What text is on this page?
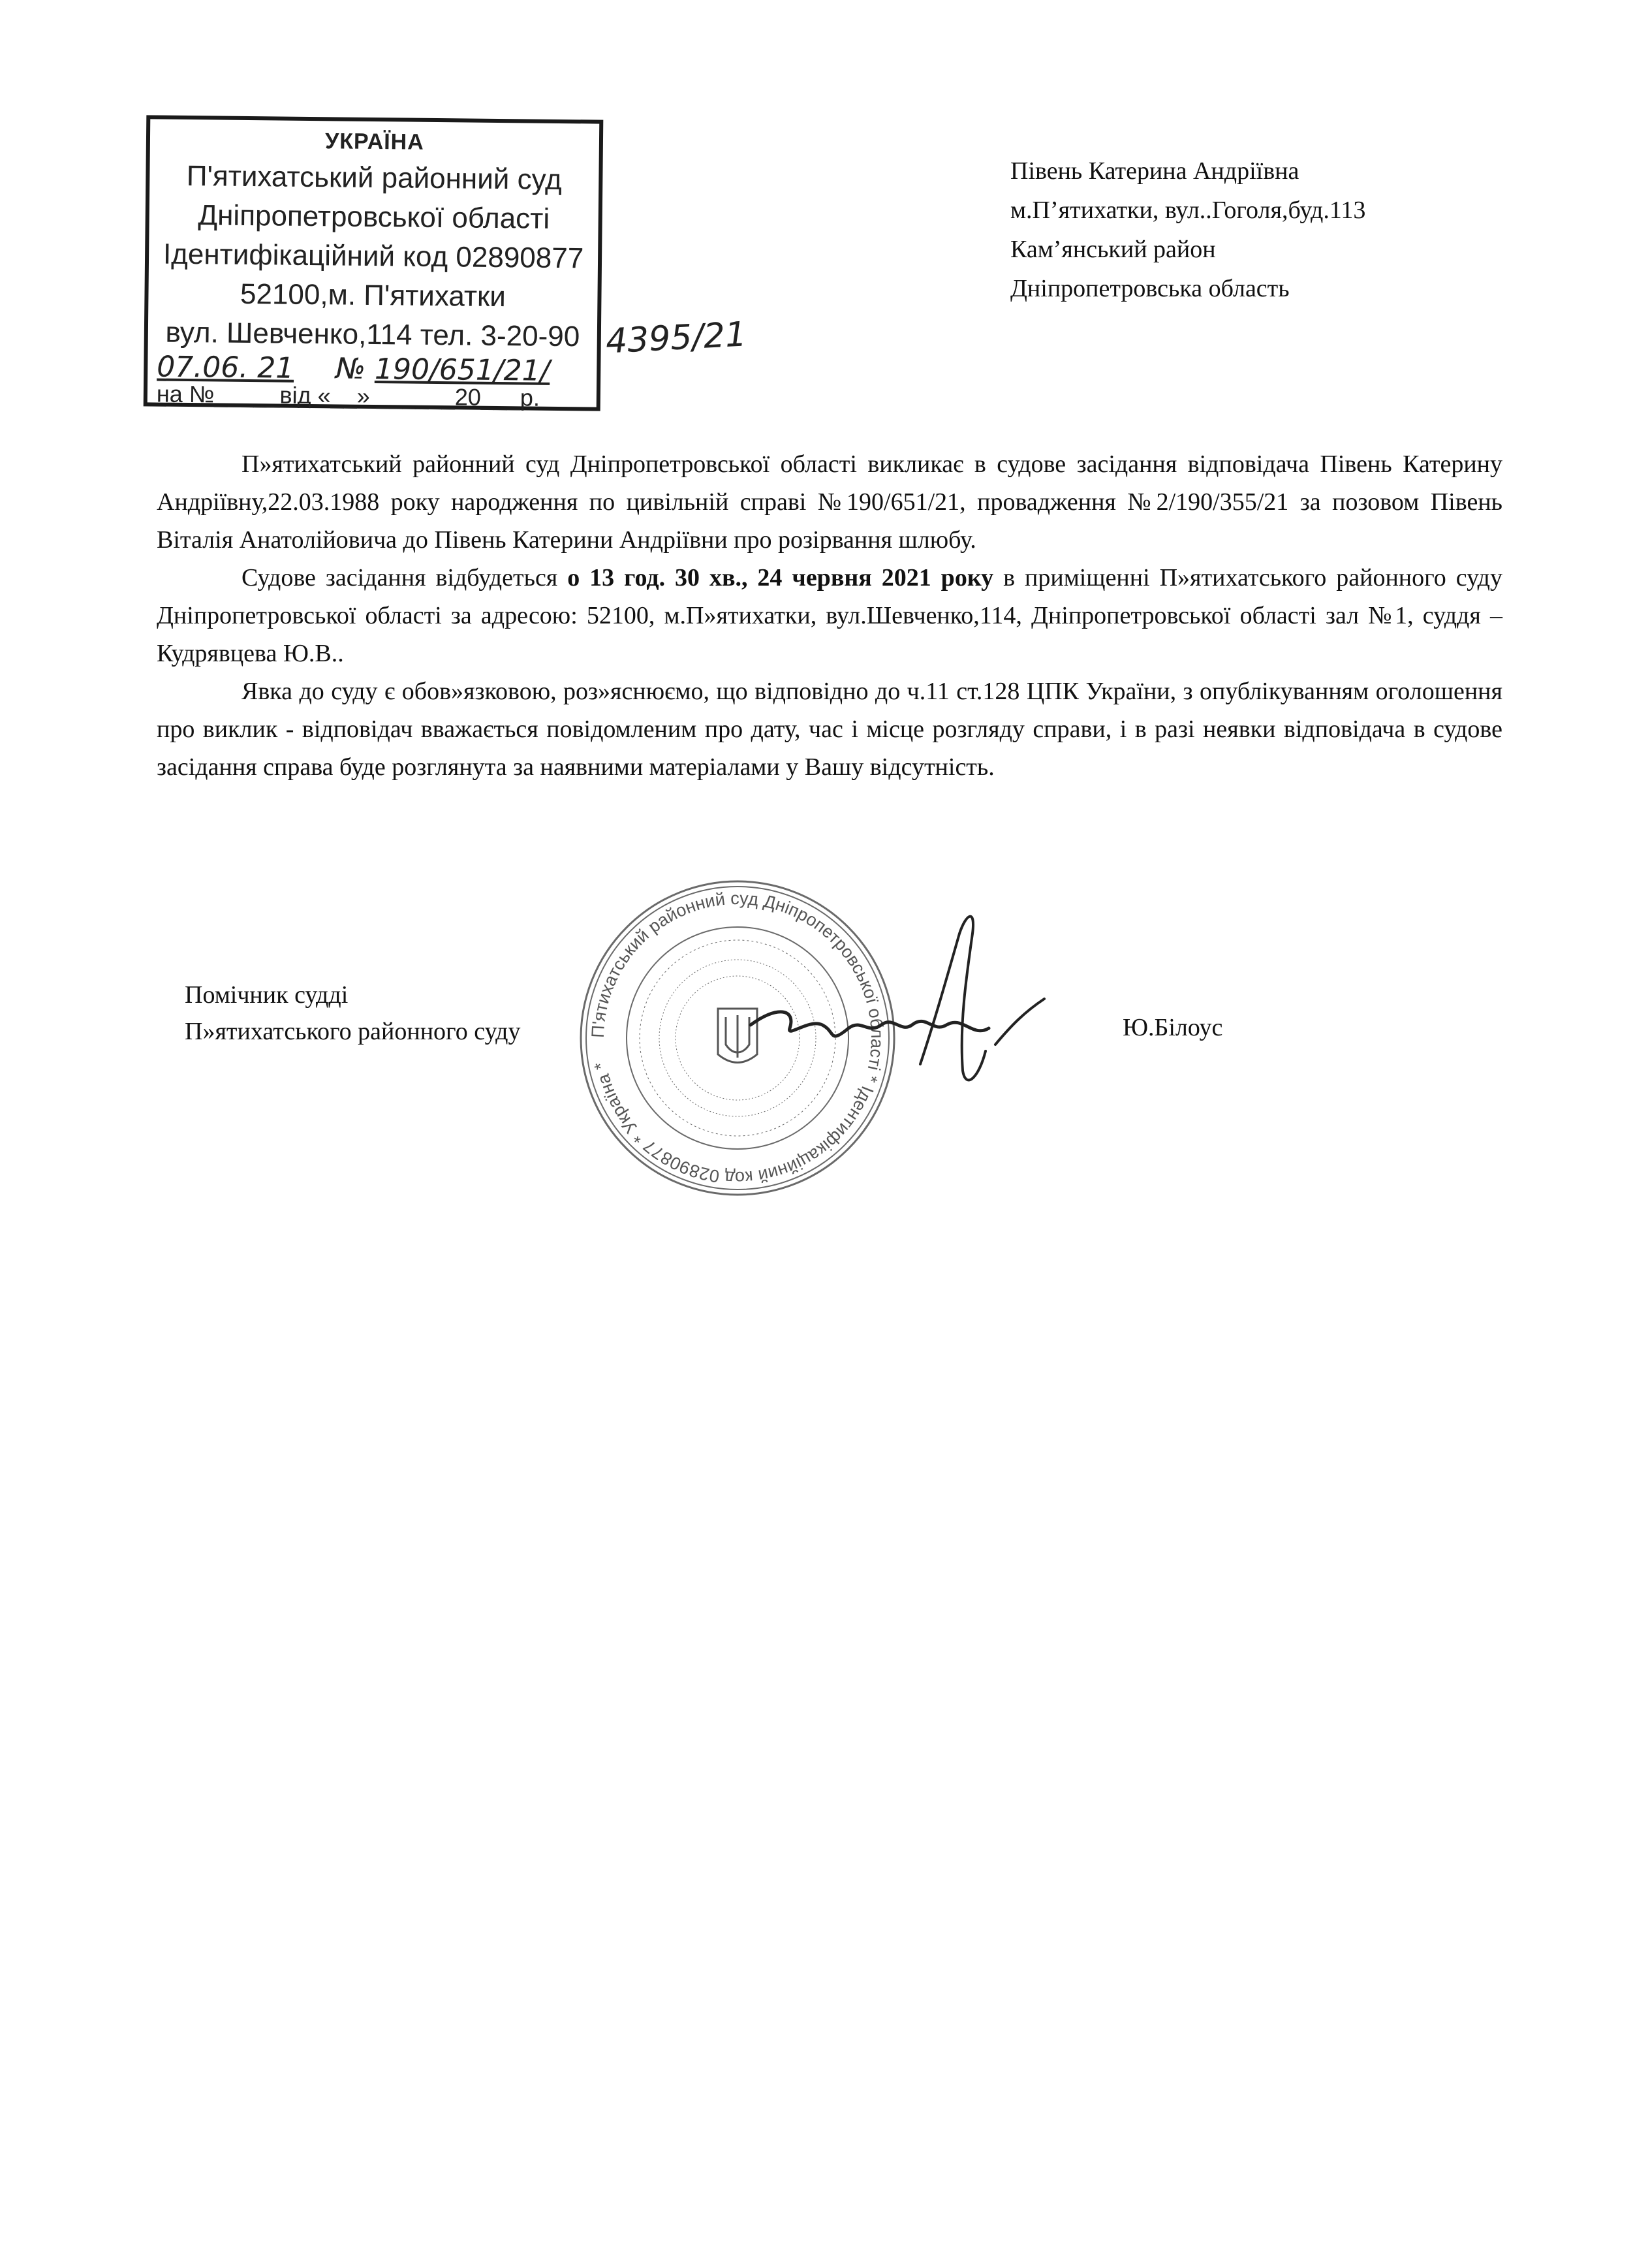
УКРАЇНА
П'ятихатський районний суд
Дніпропетровської області
Ідентифікаційний код 02890877
52100,м. П'ятихатки
вул. Шевченко,114 тел. 3-20-90
07.06. 21 № 190/651/21/
на №_____від «__» ______20___р.
4395/21
Півень Катерина Андріївна
м.П’ятихатки, вул..Гоголя,буд.113
Кам’янський район
Дніпропетровська область

П»ятихатський районний суд Дніпропетровської області викликає в судове засідання відповідача Півень Катерину Андріївну,22.03.1988 року народження по цивільній справі №190/651/21, провадження №2/190/355/21 за позовом Півень Віталія Анатолійовича до Півень Катерини Андріївни про розірвання шлюбу.

Судове засідання відбудеться о 13 год. 30 хв., 24 червня 2021 року в приміщенні П»ятихатського районного суду Дніпропетровської області за адресою: 52100, м.П»ятихатки, вул.Шевченко,114, Дніпропетровської області зал №1, суддя – Кудрявцева Ю.В..

Явка до суду є обов»язковою, роз»яснюємо, що відповідно до ч.11 ст.128 ЦПК України, з опублікуванням оголошення про виклик - відповідач вважається повідомленим про дату, час і місце розгляду справи, і в разі неявки відповідача в судове засідання справа буде розглянута за наявними матеріалами у Вашу відсутність.

П'ятихатський районний суд Дніпропетровської області * Ідентифікаційний код 02890877 * Україна *
Помічник судді
П»ятихатського районного суду	Ю.Білоус
